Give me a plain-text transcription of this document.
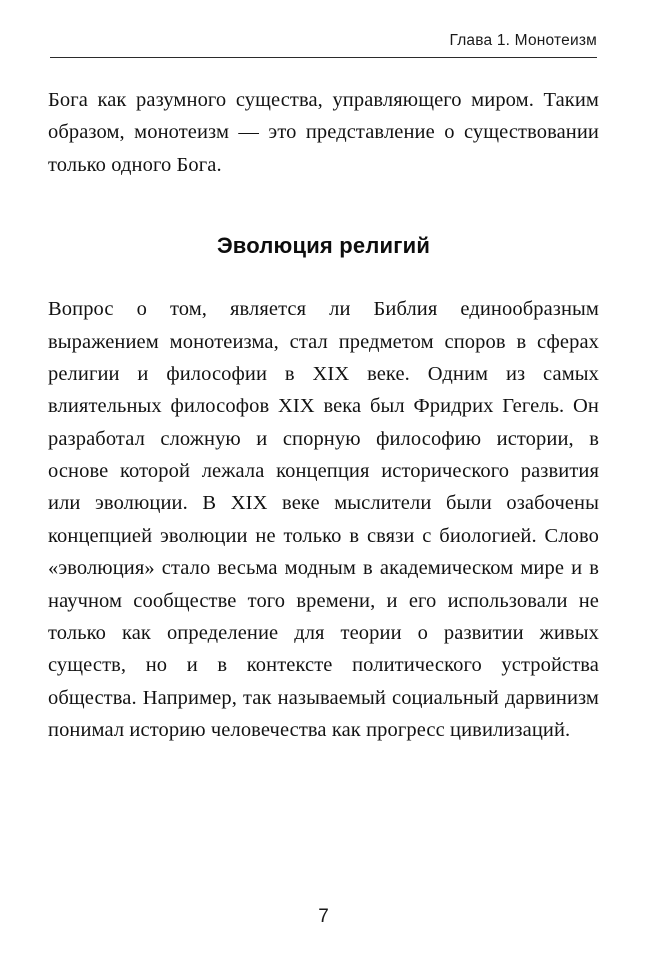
Глава 1. Монотеизм

Бога как разумного существа, управляющего миром. Таким образом, монотеизм — это представление о существовании только одного Бога.

Эволюция религий

Вопрос о том, является ли Библия единообразным выражением монотеизма, стал предметом споров в сферах религии и философии в XIX веке. Одним из самых влиятельных философов XIX века был Фридрих Гегель. Он разработал сложную и спорную философию истории, в основе которой лежала концепция исторического развития или эволюции. В XIX веке мыслители были озабочены концепцией эволюции не только в связи с биологией. Слово «эволюция» стало весьма модным в академическом мире и в научном сообществе того времени, и его использовали не только как определение для теории о развитии живых существ, но и в контексте политического устройства общества. Например, так называемый социальный дарвинизм понимал историю человечества как прогресс цивилизаций.

7
